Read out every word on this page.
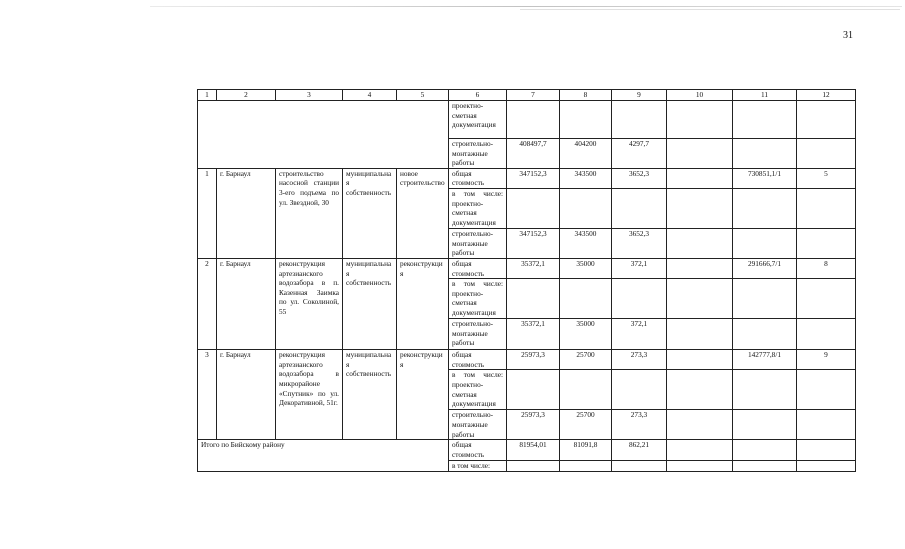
31
1	2	3	4	5	6	7	8	9	10	11	12
					проектно-сметная документация						
					строительно-монтажные работы	408497,7	404200	4297,7			
1	г. Барнаул	строительство насосной станции 3-его подъема по ул. Звездной, 30	муниципальная собственность	новое строительство	общая стоимость	347152,3	343500	3652,3		730851,1/1	5
					в том числе: проектно-сметная документация						
					строительно-монтажные работы	347152,3	343500	3652,3			
2	г. Барнаул	реконструкция артезианского водозабора в п. Казенная Заимка по ул. Соколиной, 55	муниципальная собственность	реконструкция	общая стоимость	35372,1	35000	372,1		291666,7/1	8
					в том числе: проектно-сметная документация						
					строительно-монтажные работы	35372,1	35000	372,1			
3	г. Барнаул	реконструкция артезианского водозабора в микрорайоне «Спутник» по ул. Декоративной, 51г.	муниципальная собственность	реконструкция	общая стоимость	25973,3	25700	273,3		142777,8/1	9
					в том числе: проектно-сметная документация						
					строительно-монтажные работы	25973,3	25700	273,3			
Итого по Бийскому району					общая стоимость	81954,01	81091,8	862,21			
					в том числе:						
